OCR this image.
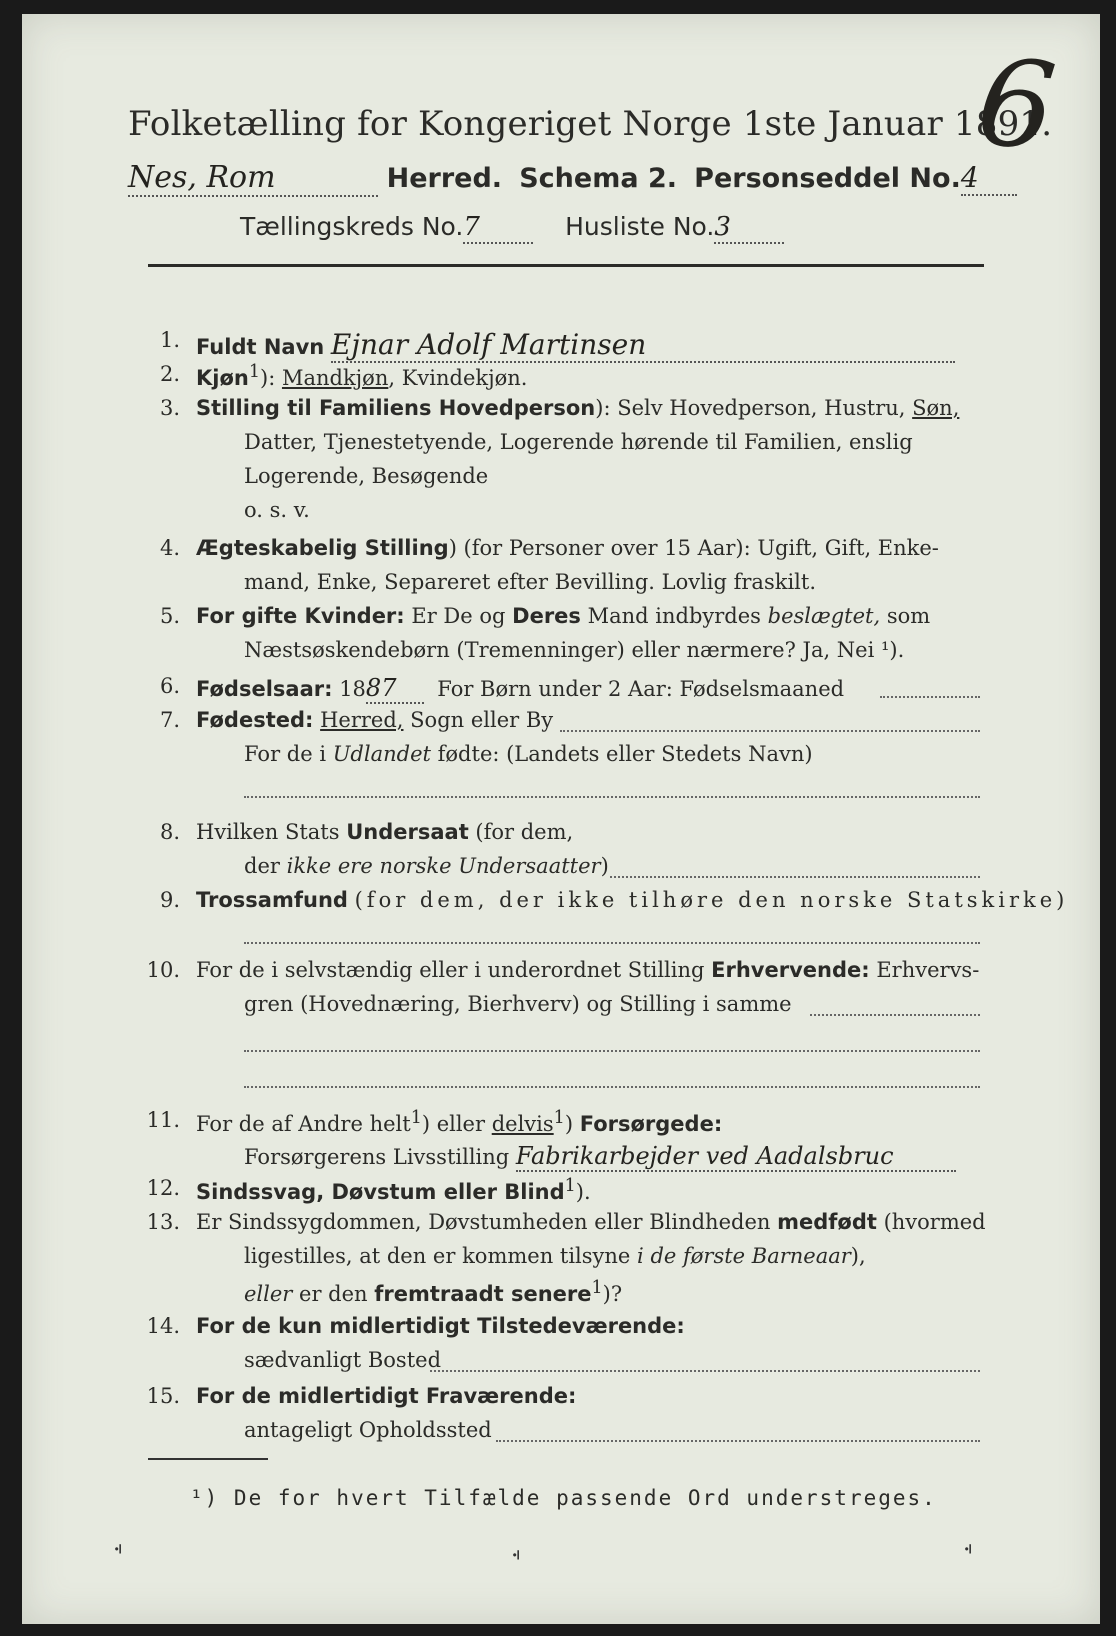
Folketælling for Kongeriget Norge 1ste Januar 1891.
6
Nes, Rom	Herred. Schema 2. Personseddel No.4
Tællingskreds No.7	Husliste No.3
1. Fuldt Navn Ejnar Adolf Martinsen
2. Kjøn$^1$): Mandkjøn, Kvindekjøn.
3. Stilling til Familiens Hovedperson): Selv Hovedperson, Hustru, Søn,
Datter, Tjenestetyende, Logerende hørende til Familien, enslig
Logerende, Besøgende
o. s. v.
4. Ægteskabelig Stilling) (for Personer over 15 Aar): Ugift, Gift, Enke-
mand, Enke, Separeret efter Bevilling. Lovlig fraskilt.
5. For gifte Kvinder: Er De og Deres Mand indbyrdes beslægtet, som
Næstsøskendebørn (Tremenninger) eller nærmere? Ja, Nei ¹).
6. Fødselsaar: 1887 For Børn under 2 Aar: Fødselsmaaned
7. Fødested: Herred, Sogn eller By
For de i Udlandet fødte: (Landets eller Stedets Navn)
8. Hvilken Stats Undersaat (for dem,
der ikke ere norske Undersaatter)
9. Trossamfund (for dem, der ikke tilhøre den norske Statskirke)
10. For de i selvstændig eller i underordnet Stilling Erhvervende: Erhvervs-
gren (Hovednæring, Bierhverv) og Stilling i samme
11. For de af Andre helt$^1$) eller delvis$^1$) Forsørgede:
Forsørgerens Livsstilling Fabrikarbejder ved Aadalsbruc
12. Sindssvag, Døvstum eller Blind$^1$).
13. Er Sindssygdommen, Døvstumheden eller Blindheden medfødt (hvormed
ligestilles, at den er kommen tilsyne i de første Barneaar),
eller er den fremtraadt senere$^1$)?
14. For de kun midlertidigt Tilstedeværende:
sædvanligt Bosted
15. For de midlertidigt Fraværende:
antageligt Opholdssted
¹) De for hvert Tilfælde passende Ord understreges.
